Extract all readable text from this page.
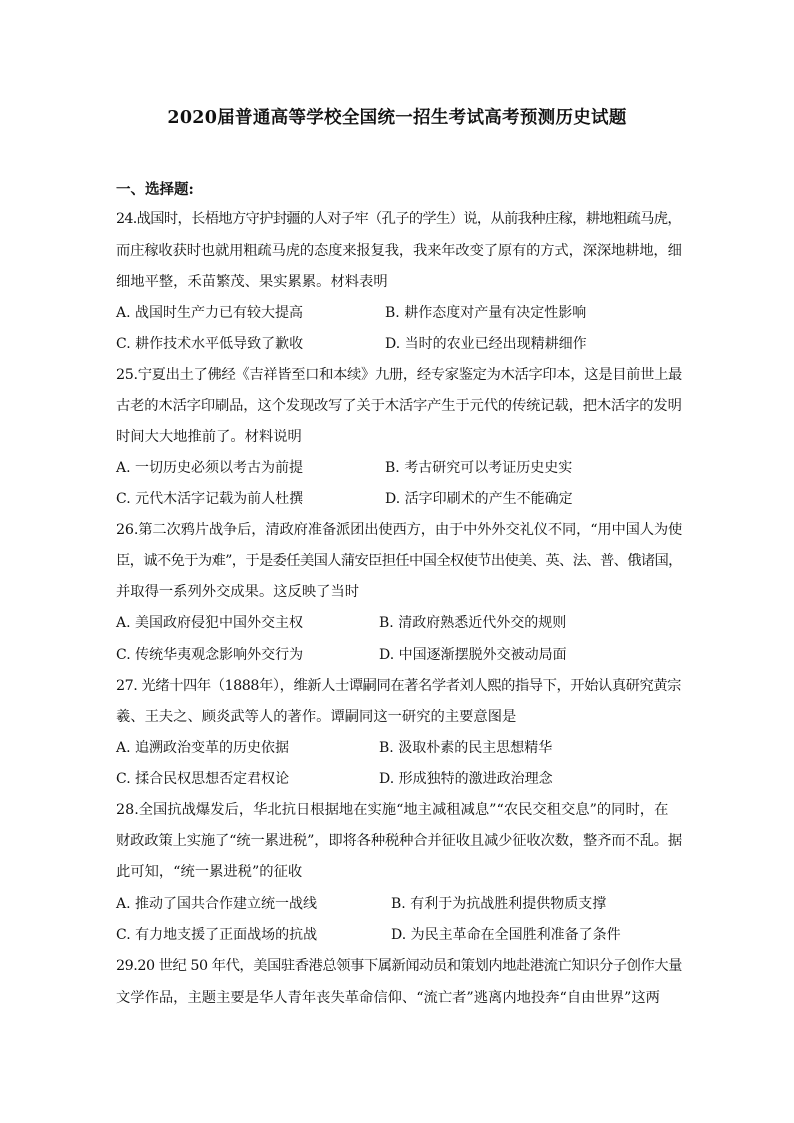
2020届普通高等学校全国统一招生考试高考预测历史试题
一、选择题:
24.战国时，长梧地方守护封疆的人对子牢（孔子的学生）说，从前我种庄稼，耕地粗疏马虎，
而庄稼收获时也就用粗疏马虎的态度来报复我，我来年改变了原有的方式，深深地耕地，细
细地平整，禾苗繁茂、果实累累。材料表明
A. 战国时生产力已有较大提高	B. 耕作态度对产量有决定性影响
C. 耕作技术水平低导致了歉收	D. 当时的农业已经出现精耕细作
25.宁夏出土了佛经《吉祥皆至口和本续》九册，经专家鉴定为木活字印本，这是目前世上最
古老的木活字印刷品，这个发现改写了关于木活字产生于元代的传统记载，把木活字的发明
时间大大地推前了。材料说明
A. 一切历史必须以考古为前提	B. 考古研究可以考证历史史实
C. 元代木活字记载为前人杜撰	D. 活字印刷术的产生不能确定
26.第二次鸦片战争后，清政府准备派团出使西方，由于中外外交礼仪不同，“用中国人为使
臣，诚不免于为难”，于是委任美国人蒲安臣担任中国全权使节出使美、英、法、普、俄诸国，
并取得一系列外交成果。这反映了当时
A. 美国政府侵犯中国外交主权	B. 清政府熟悉近代外交的规则
C. 传统华夷观念影响外交行为	D. 中国逐渐摆脱外交被动局面
27. 光绪十四年（1888年），维新人士谭嗣同在著名学者刘人熙的指导下，开始认真研究黄宗
羲、王夫之、顾炎武等人的著作。谭嗣同这一研究的主要意图是
A. 追溯政治变革的历史依据	B. 汲取朴素的民主思想精华
C. 揉合民权思想否定君权论	D. 形成独特的激进政治理念
28.全国抗战爆发后，华北抗日根据地在实施“地主减租减息”“农民交租交息”的同时，在
财政政策上实施了“统一累进税”，即将各种税种合并征收且减少征收次数，整齐而不乱。据
此可知，“统一累进税”的征收
A. 推动了国共合作建立统一战线	B. 有利于为抗战胜利提供物质支撑
C. 有力地支援了正面战场的抗战	D. 为民主革命在全国胜利准备了条件
29.20 世纪 50 年代，美国驻香港总领事下属新闻动员和策划内地赴港流亡知识分子创作大量
文学作品，主题主要是华人青年丧失革命信仰、“流亡者”逃离内地投奔“自由世界”这两
